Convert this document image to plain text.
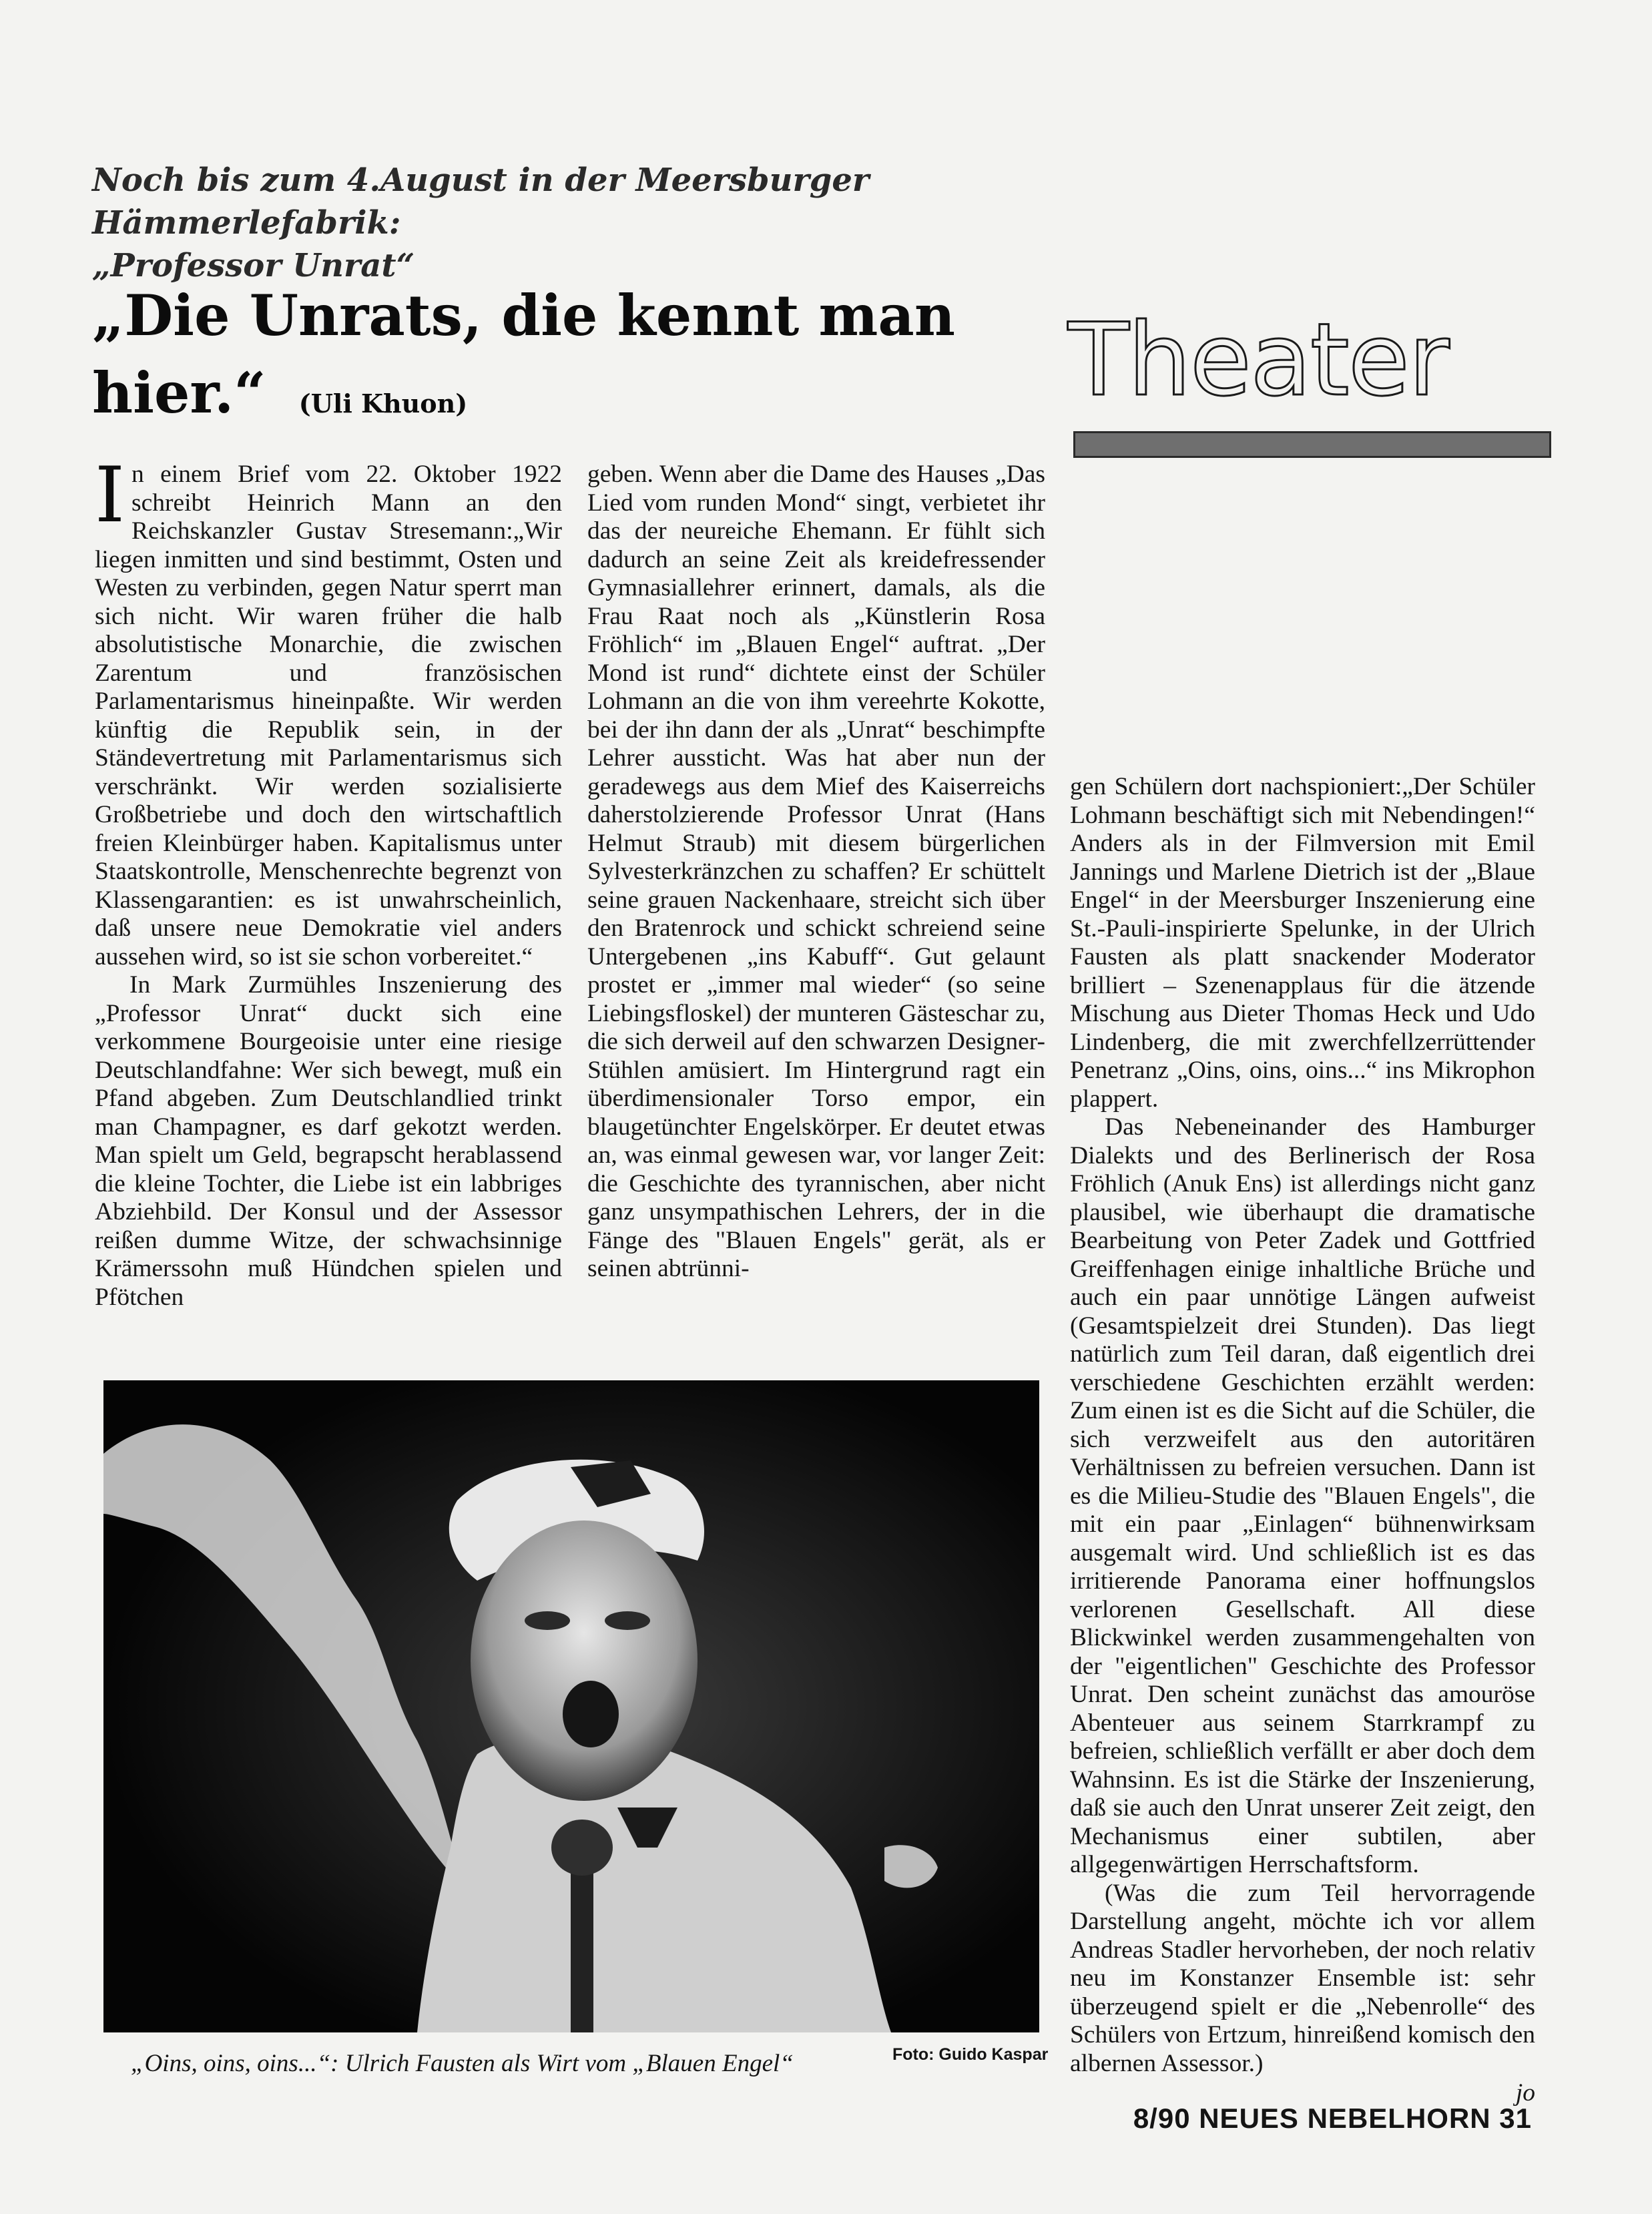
Noch bis zum 4.August in der Meersburger Hämmerlefabrik:
„Professor Unrat“
„Die Unrats, die kennt man hier.“ (Uli Khuon)	Theater

In einem Brief vom 22. Oktober 1922 schreibt Heinrich Mann an den Reichskanzler Gustav Stresemann:„Wir liegen inmitten und sind bestimmt, Osten und Westen zu verbinden, gegen Natur sperrt man sich nicht. Wir waren früher die halb absolutistische Monarchie, die zwischen Zarentum und französischen Parlamentarismus hineinpaßte. Wir werden künftig die Republik sein, in der Ständevertretung mit Parlamentarismus sich verschränkt. Wir werden sozialisierte Großbetriebe und doch den wirtschaftlich freien Kleinbürger haben. Kapitalismus unter Staatskontrolle, Menschenrechte begrenzt von Klassengarantien: es ist unwahrscheinlich, daß unsere neue Demokratie viel anders aussehen wird, so ist sie schon vorbereitet.“

In Mark Zurmühles Inszenierung des „Professor Unrat“ duckt sich eine verkommene Bourgeoisie unter eine riesige Deutschlandfahne: Wer sich bewegt, muß ein Pfand abgeben. Zum Deutschlandlied trinkt man Champagner, es darf gekotzt werden. Man spielt um Geld, begrapscht herablassend die kleine Tochter, die Liebe ist ein labbriges Abziehbild. Der Konsul und der Assessor reißen dumme Witze, der schwachsinnige Krämerssohn muß Hündchen spielen und Pfötchen

geben. Wenn aber die Dame des Hauses „Das Lied vom runden Mond“ singt, verbietet ihr das der neureiche Ehemann. Er fühlt sich dadurch an seine Zeit als kreidefressender Gymnasiallehrer erinnert, damals, als die Frau Raat noch als „Künstlerin Rosa Fröhlich“ im „Blauen Engel“ auftrat. „Der Mond ist rund“ dichtete einst der Schüler Lohmann an die von ihm vereehrte Kokotte, bei der ihn dann der als „Unrat“ beschimpfte Lehrer aussticht. Was hat aber nun der geradewegs aus dem Mief des Kaiserreichs daherstolzierende Professor Unrat (Hans Helmut Straub) mit diesem bürgerlichen Sylvesterkränzchen zu schaffen? Er schüttelt seine grauen Nackenhaare, streicht sich über den Bratenrock und schickt schreiend seine Untergebenen „ins Kabuff“. Gut gelaunt prostet er „immer mal wieder“ (so seine Liebingsfloskel) der munteren Gästeschar zu, die sich derweil auf den schwarzen Designer-Stühlen amüsiert. Im Hintergrund ragt ein überdimensionaler Torso empor, ein blaugetünchter Engelskörper. Er deutet etwas an, was einmal gewesen war, vor langer Zeit: die Geschichte des tyrannischen, aber nicht ganz unsympathischen Lehrers, der in die Fänge des "Blauen Engels" gerät, als er seinen abtrünni-

gen Schülern dort nachspioniert:„Der Schüler Lohmann beschäftigt sich mit Nebendingen!“ Anders als in der Filmversion mit Emil Jannings und Marlene Dietrich ist der „Blaue Engel“ in der Meersburger Inszenierung eine St.-Pauli-inspirierte Spelunke, in der Ulrich Fausten als platt snackender Moderator brilliert – Szenenapplaus für die ätzende Mischung aus Dieter Thomas Heck und Udo Lindenberg, die mit zwerchfellzerrüttender Penetranz „Oins, oins, oins...“ ins Mikrophon plappert.

Das Nebeneinander des Hamburger Dialekts und des Berlinerisch der Rosa Fröhlich (Anuk Ens) ist allerdings nicht ganz plausibel, wie überhaupt die dramatische Bearbeitung von Peter Zadek und Gottfried Greiffenhagen einige inhaltliche Brüche und auch ein paar unnötige Längen aufweist (Gesamtspielzeit drei Stunden). Das liegt natürlich zum Teil daran, daß eigentlich drei verschiedene Geschichten erzählt werden: Zum einen ist es die Sicht auf die Schüler, die sich verzweifelt aus den autoritären Verhältnissen zu befreien versuchen. Dann ist es die Milieu-Studie des "Blauen Engels", die mit ein paar „Einlagen“ bühnenwirksam ausgemalt wird. Und schließlich ist es das irritierende Panorama einer hoffnungslos verlorenen Gesellschaft. All diese Blickwinkel werden zusammengehalten von der "eigentlichen" Geschichte des Professor Unrat. Den scheint zunächst das amouröse Abenteuer aus seinem Starrkrampf zu befreien, schließlich verfällt er aber doch dem Wahnsinn. Es ist die Stärke der Inszenierung, daß sie auch den Unrat unserer Zeit zeigt, den Mechanismus einer subtilen, aber allgegenwärtigen Herrschaftsform.

(Was die zum Teil hervorragende Darstellung angeht, möchte ich vor allem Andreas Stadler hervorheben, der noch relativ neu im Konstanzer Ensemble ist: sehr überzeugend spielt er die „Nebenrolle“ des Schülers von Ertzum, hinreißend komisch den albernen Assessor.)

jo
„Oins, oins, oins...“: Ulrich Fausten als Wirt vom „Blauen Engel“	Foto: Guido Kaspar
8/90 NEUES NEBELHORN 31
